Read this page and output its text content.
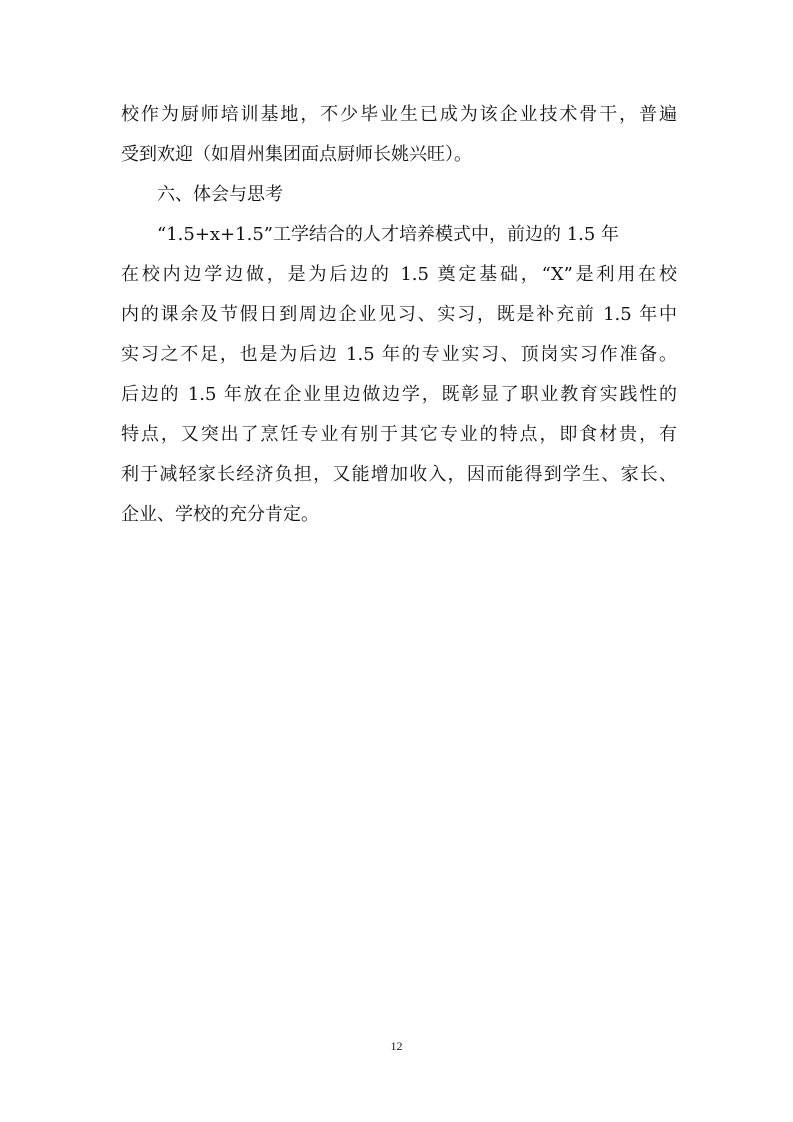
校作为厨师培训基地，不少毕业生已成为该企业技术骨干，普遍
受到欢迎（如眉州集团面点厨师长姚兴旺）。
六、体会与思考
　　“1.5+x+1.5”工学结合的人才培养模式中，前边的 1.5 年
在校内边学边做，是为后边的 1.5 奠定基础，“X”是利用在校
内的课余及节假日到周边企业见习、实习，既是补充前 1.5 年中
实习之不足，也是为后边 1.5 年的专业实习、顶岗实习作准备。
后边的 1.5 年放在企业里边做边学，既彰显了职业教育实践性的
特点，又突出了烹饪专业有别于其它专业的特点，即食材贵，有
利于减轻家长经济负担，又能增加收入，因而能得到学生、家长、
企业、学校的充分肯定。
12
